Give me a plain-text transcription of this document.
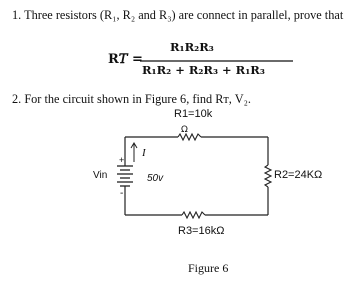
1. Three resistors (R₁, R₂ and R₃) are connect in parallel, prove that
R𝑇 =
R₁R₂R₃
R₁R₂ + R₂R₃ + R₁R₃
2. For the circuit shown in Figure 6, find Rᴛ, V₂.
R1=10k
Ω
R2=24KΩ
R3=16kΩ
Vin	50v
I
+
-
Figure 6
